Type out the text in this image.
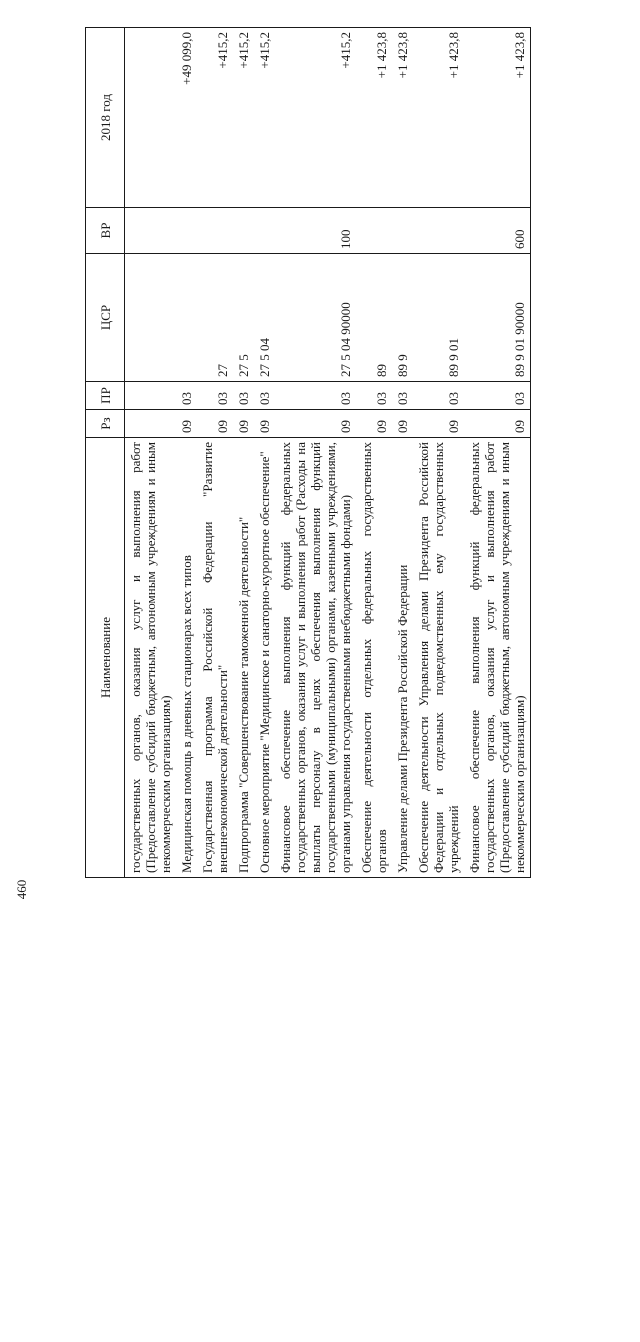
460
Наименование	Рз	ПР	ЦСР	ВР	2018 год
государственных органов, оказания услуг и выполнения работ (Предоставление субсидий бюджетным, автономным учреждениям и иным некоммерческим организациям)					
Медицинская помощь в дневных стационарах всех типов	09	03			+49 099,0
Государственная программа Российской Федерации "Развитие внешнеэкономической деятельности"	09	03	27		+415,2
Подпрограмма "Совершенствование таможенной деятельности"	09	03	27 5		+415,2
Основное мероприятие "Медицинское и санаторно-курортное обеспечение"	09	03	27 5 04		+415,2
Финансовое обеспечение выполнения функций федеральных государственных органов, оказания услуг и выполнения работ (Расходы на выплаты персоналу в целях обеспечения выполнения функций государственными (муниципальными) органами, казенными учреждениями, органами управления государственными внебюджетными фондами)	09	03	27 5 04 90000	100	+415,2
Обеспечение деятельности отдельных федеральных государственных органов	09	03	89		+1 423,8
Управление делами Президента Российской Федерации	09	03	89 9		+1 423,8
Обеспечение деятельности Управления делами Президента Российской Федерации и отдельных подведомственных ему государственных учреждений	09	03	89 9 01		+1 423,8
Финансовое обеспечение выполнения функций федеральных государственных органов, оказания услуг и выполнения работ (Предоставление субсидий бюджетным, автономным учреждениям и иным некоммерческим организациям)	09	03	89 9 01 90000	600	+1 423,8
